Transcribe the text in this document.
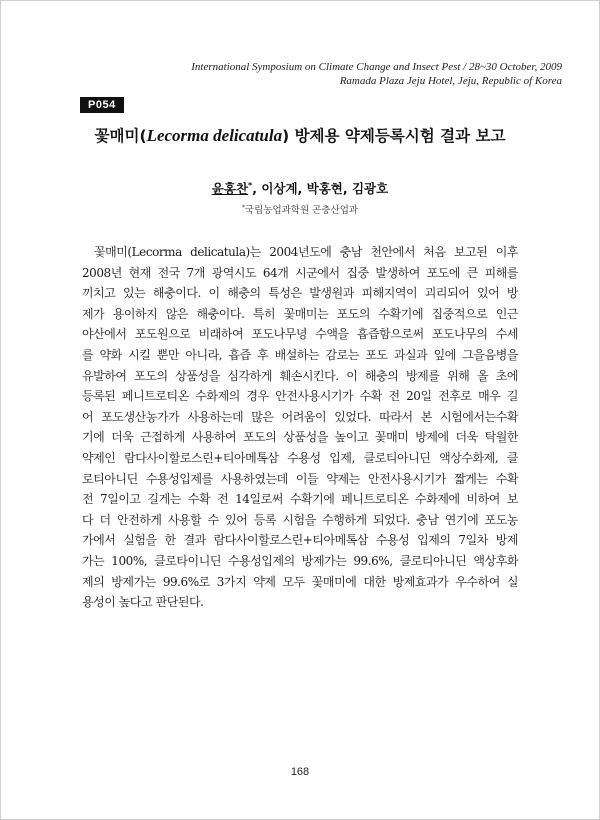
International Symposium on Climate Change and Insect Pest / 28~30 October, 2009
Ramada Plaza Jeju Hotel, Jeju, Republic of Korea
P054
꽃매미(Lecorma delicatula) 방제용 약제등록시험 결과 보고
윤홍찬*, 이상계, 박홍현, 김광호
*국립농업과학원 곤충산업과
꽃매미(Lecorma delicatula)는 2004년도에 충남 천안에서 처음 보고된 이후
2008년 현재 전국 7개 광역시도 64개 시군에서 집중 발생하여 포도에 큰 피해를
끼치고 있는 해충이다. 이 해충의 특성은 발생원과 피해지역이 괴리되어 있어 방
제가 용이하지 않은 해충이다. 특히 꽃매미는 포도의 수확기에 집중적으로 인근
야산에서 포도원으로 비래하여 포도나무녕 수액을 흡즙함으로써 포도나무의 수세
를 약화 시킬 뿐만 아니라, 흡즙 후 배설하는 감로는 포도 과실과 잎에 그을음병을
유발하여 포도의 상품성을 심각하게 훼손시킨다. 이 해충의 방제를 위해 올 초에
등록된 페니트로티온 수화제의 경우 안전사용시기가 수확 전 20일 전후로 매우 길
어 포도생산농가가 사용하는데 많은 어려움이 있었다. 따라서 본 시험에서는수확
기에 더욱 근접하게 사용하여 포도의 상품성을 높이고 꽃매미 방제에 더욱 탁월한
약제인 람다사이할로스린+티아메톡삼 수용성 입제, 클로티아니딘 액상수화제, 클
로티아니딘 수용성입제를 사용하였는데 이들 약제는 안전사용시기가 짧게는 수확
전 7일이고 길게는 수확 전 14일로써 수확기에 페니트로티온 수화제에 비하여 보
다 더 안전하게 사용할 수 있어 등록 시험을 수행하게 되었다. 충남 연기에 포도농
가에서 실험을 한 결과 람다사이할로스린+티아메톡삼 수용성 입제의 7일차 방제
가는 100%, 클로타이니딘 수용성입제의 방제가는 99.6%, 클로티아니딘 액상후화
제의 방제가는 99.6%로 3가지 약제 모두 꽃매미에 대한 방제효과가 우수하여 실
용성이 높다고 판단된다.
168
